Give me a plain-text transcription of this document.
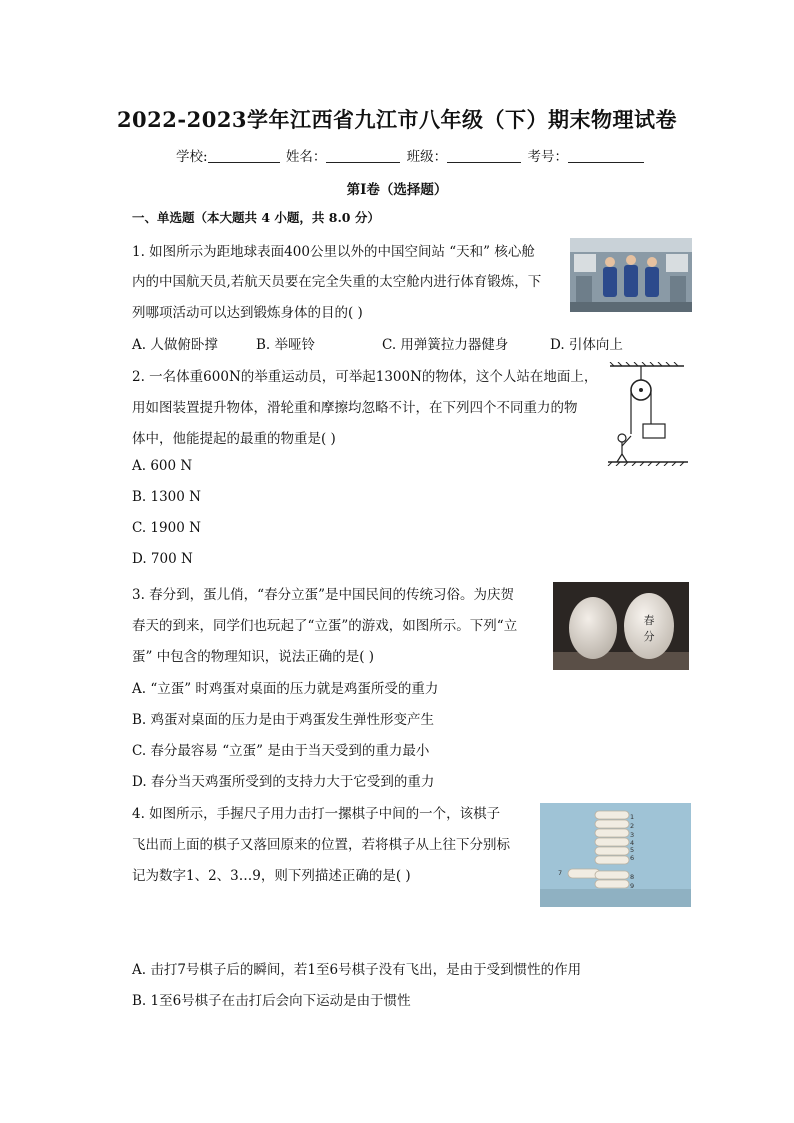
2022-2023学年江西省九江市八年级（下）期末物理试卷
学校:	姓名：	班级：	考号：
第I卷（选择题）
一、单选题（本大题共 4 小题，共 8.0 分）
1. 如图所示为距地球表面400公里以外的中国空间站 “天和” 核心舱
内的中国航天员,若航天员要在完全失重的太空舱内进行体育锻炼，下
列哪项活动可以达到锻炼身体的目的( )
A. 人做俯卧撑	B. 举哑铃	C. 用弹簧拉力器健身	D. 引体向上
2. 一名体重600N的举重运动员，可举起1300N的物体，这个人站在地面上，
用如图装置提升物体，滑轮重和摩擦均忽略不计，在下列四个不同重力的物
体中，他能提起的最重的物重是( )
A. 600 N
B. 1300 N
C. 1900 N
D. 700 N
3. 春分到，蛋儿俏，“春分立蛋”是中国民间的传统习俗。为庆贺
春天的到来，同学们也玩起了“立蛋”的游戏，如图所示。下列“立
蛋” 中包含的物理知识，说法正确的是( )
A. “立蛋” 时鸡蛋对桌面的压力就是鸡蛋所受的重力
B. 鸡蛋对桌面的压力是由于鸡蛋发生弹性形变产生
C. 春分最容易 “立蛋” 是由于当天受到的重力最小
D. 春分当天鸡蛋所受到的支持力大于它受到的重力
春
分
4. 如图所示，手握尺子用力击打一摞棋子中间的一个，该棋子
飞出而上面的棋子又落回原来的位置，若将棋子从上往下分别标
记为数字1、2、3…9，则下列描述正确的是( )
A. 击打7号棋子后的瞬间，若1至6号棋子没有飞出，是由于受到惯性的作用
B. 1至6号棋子在击打后会向下运动是由于惯性
1
2
3
4
5
6
7	8
9
